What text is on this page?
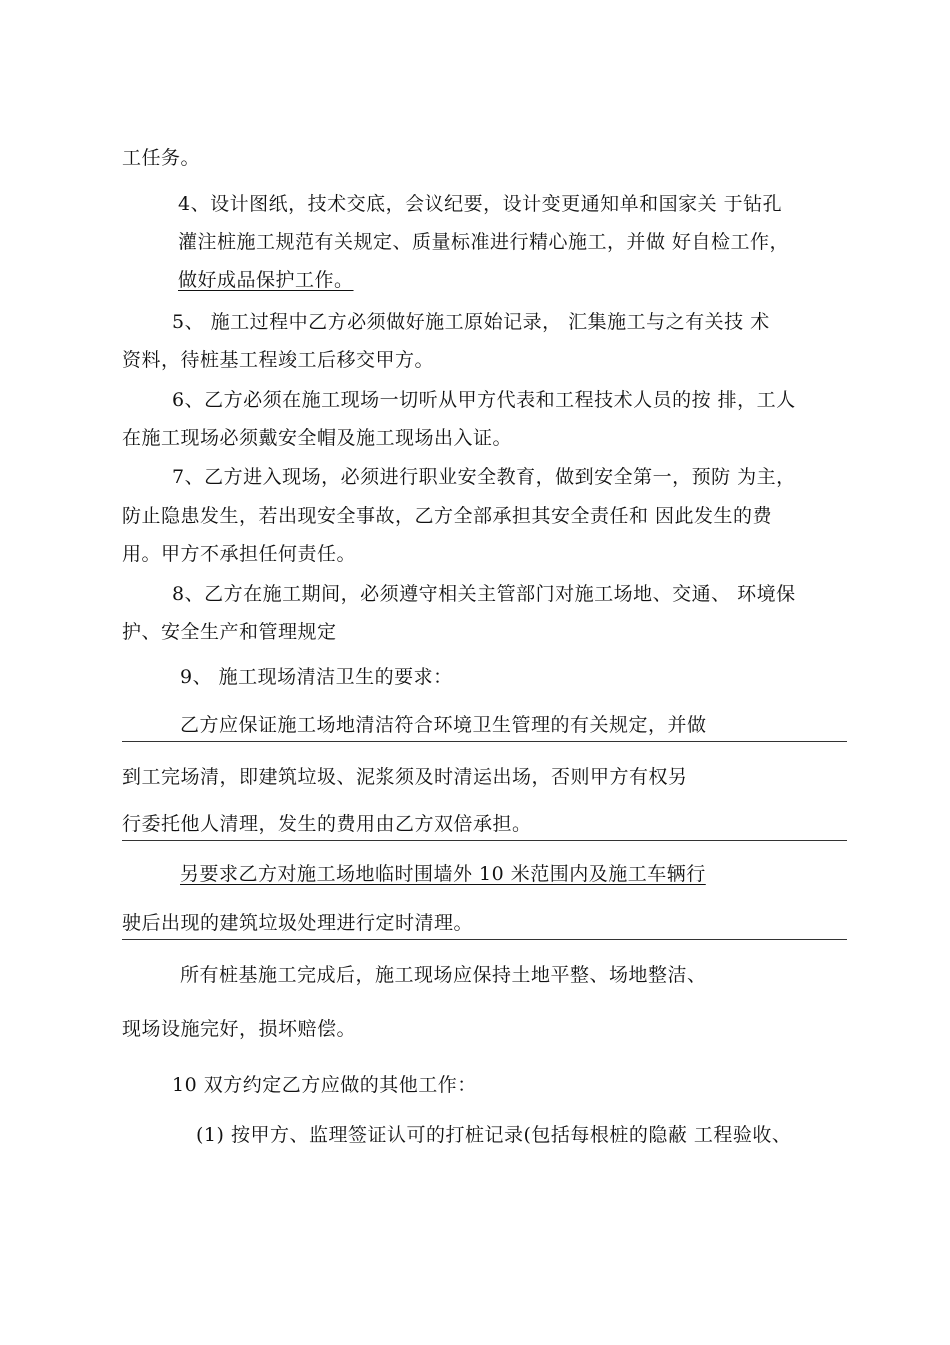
工任务。
4、设计图纸，技术交底，会议纪要，设计变更通知单和国家关 于钻孔
灌注桩施工规范有关规定、质量标准进行精心施工，并做 好自检工作，
做好成品保护工作。
5、 施工过程中乙方必须做好施工原始记录， 汇集施工与之有关技 术
资料，待桩基工程竣工后移交甲方。
6、乙方必须在施工现场一切听从甲方代表和工程技术人员的按 排，工人
在施工现场必须戴安全帽及施工现场出入证。
7、乙方进入现场，必须进行职业安全教育，做到安全第一，预防 为主，
防止隐患发生，若出现安全事故，乙方全部承担其安全责任和 因此发生的费
用。甲方不承担任何责任。
8、乙方在施工期间，必须遵守相关主管部门对施工场地、交通、 环境保
护、安全生产和管理规定
9、 施工现场清洁卫生的要求：
乙方应保证施工场地清洁符合环境卫生管理的有关规定，并做
到工完场清，即建筑垃圾、泥浆须及时清运出场，否则甲方有权另
行委托他人清理，发生的费用由乙方双倍承担。
另要求乙方对施工场地临时围墙外 10 米范围内及施工车辆行
驶后出现的建筑垃圾处理进行定时清理。
所有桩基施工完成后，施工现场应保持土地平整、场地整洁、
现场设施完好，损坏赔偿。
10 双方约定乙方应做的其他工作：
(1) 按甲方、监理签证认可的打桩记录(包括每根桩的隐蔽 工程验收、
